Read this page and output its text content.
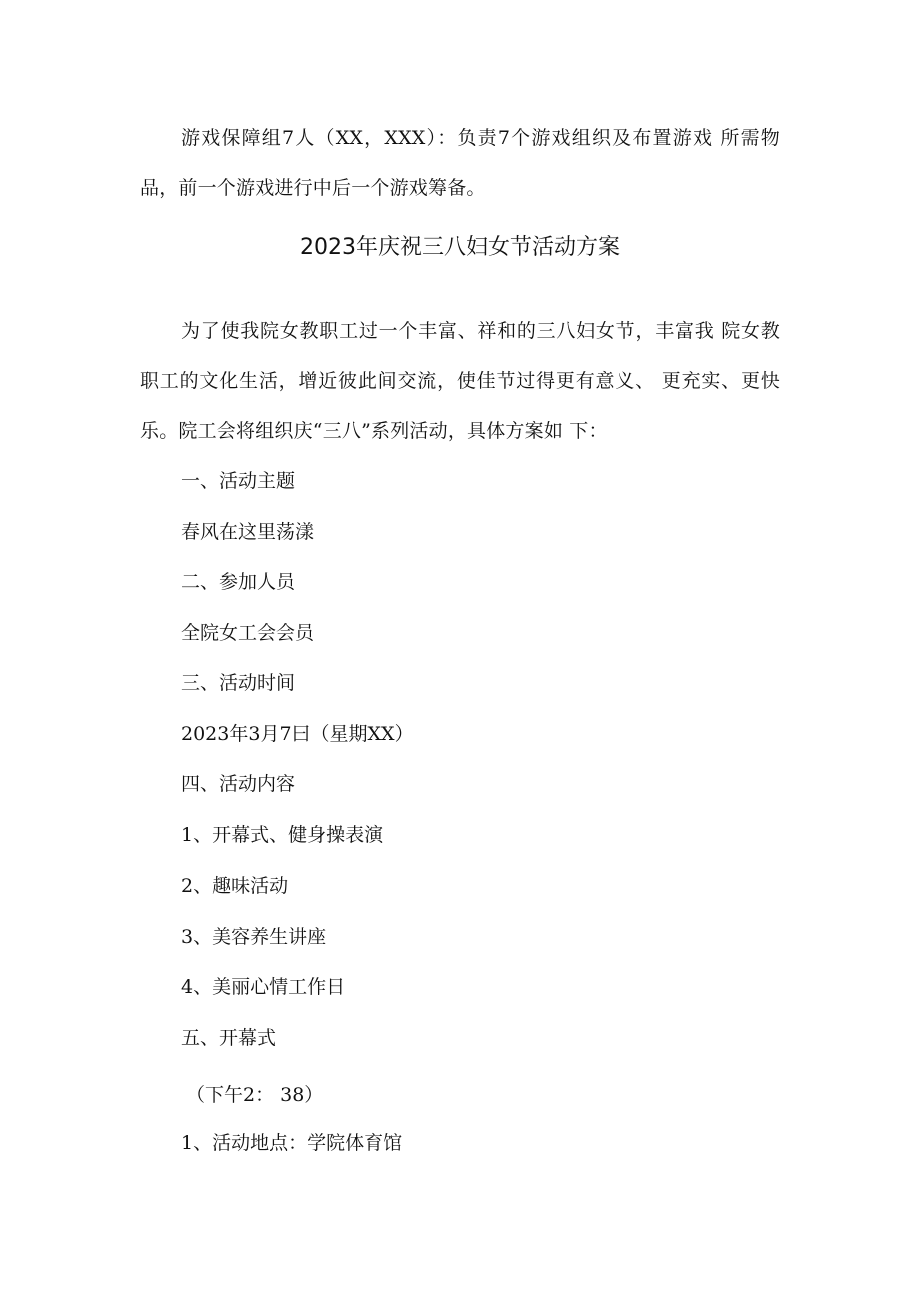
游戏保障组7人（XX，XXX）：负责7个游戏组织及布置游戏 所需物品，前一个游戏进行中后一个游戏筹备。
2023年庆祝三八妇女节活动方案
为了使我院女教职工过一个丰富、祥和的三八妇女节，丰富我 院女教职工的文化生活，增近彼此间交流，使佳节过得更有意义、 更充实、更快乐。院工会将组织庆“三八”系列活动，具体方案如 下：
一、活动主题
春风在这里荡漾
二、参加人员
全院女工会会员
三、活动时间
2023年3月7曰（星期XX）
四、活动内容
1、开幕式、健身操表演
2、趣味活动
3、美容养生讲座
4、美丽心情工作日
五、开幕式
（下午2： 38）
1、活动地点：学院体育馆
